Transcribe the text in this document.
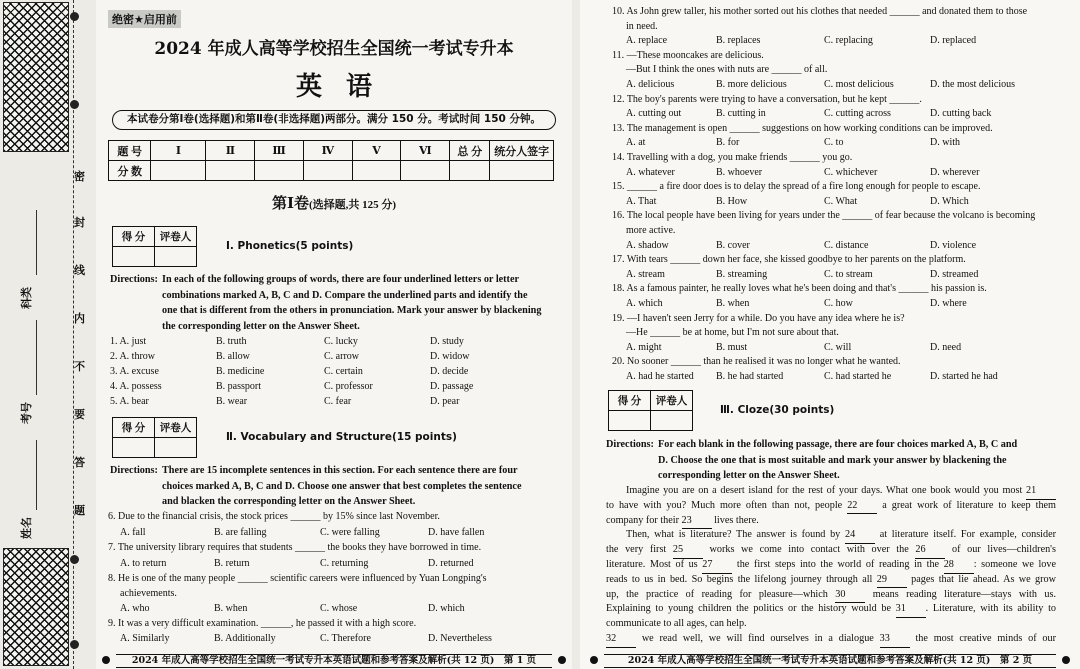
密
封
线
内
不
要
答
题
科类
考号
姓名
绝密★启用前
2024 年成人高等学校招生全国统一考试专升本
英语
本试卷分第Ⅰ卷(选择题)和第Ⅱ卷(非选择题)两部分。满分 150 分。考试时间 150 分钟。
题 号	Ⅰ	Ⅱ	Ⅲ	Ⅳ	Ⅴ	Ⅵ	总 分	统分人签字
分 数								
第Ⅰ卷(选择题,共 125 分)
得 分	评卷人

Ⅰ. Phonetics(5 points)
Directions: In each of the following groups of words, there are four underlined letters or letter
combinations marked A, B, C and D. Compare the underlined parts and identify the
one that is different from the others in pronunciation. Mark your answer by blackening
the corresponding letter on the Answer Sheet.
1. A. just	B. truth	C. lucky	D. study
2. A. throw	B. allow	C. arrow	D. widow
3. A. excuse	B. medicine	C. certain	D. decide
4. A. possess	B. passport	C. professor	D. passage
5. A. bear	B. wear	C. fear	D. pear
得 分	评卷人

Ⅱ. Vocabulary and Structure(15 points)
Directions: There are 15 incomplete sentences in this section. For each sentence there are four
choices marked A, B, C and D. Choose one answer that best completes the sentence
and blacken the corresponding letter on the Answer Sheet.
6. Due to the financial crisis, the stock prices ______ by 15% since last November.
A. fall	B. are falling	C. were falling	D. have fallen
7. The university library requires that students ______ the books they have borrowed in time.
A. to return	B. return	C. returning	D. returned
8. He is one of the many people ______ scientific careers were influenced by Yuan Longping's
achievements.
A. who	B. when	C. whose	D. which
9. It was a very difficult examination. ______, he passed it with a high score.
A. Similarly	B. Additionally	C. Therefore	D. Nevertheless
2024 年成人高等学校招生全国统一考试专升本英语试题和参考答案及解析(共 12 页)　第 1 页
10. As John grew taller, his mother sorted out his clothes that needed ______ and donated them to those
in need.
A. replace	B. replaces	C. replacing	D. replaced
11. —These mooncakes are delicious.
—But I think the ones with nuts are ______ of all.
A. delicious	B. more delicious	C. most delicious	D. the most delicious
12. The boy's parents were trying to have a conversation, but he kept ______.
A. cutting out	B. cutting in	C. cutting across	D. cutting back
13. The management is open ______ suggestions on how working conditions can be improved.
A. at	B. for	C. to	D. with
14. Travelling with a dog, you make friends ______ you go.
A. whatever	B. whoever	C. whichever	D. wherever
15. ______ a fire door does is to delay the spread of a fire long enough for people to escape.
A. That	B. How	C. What	D. Which
16. The local people have been living for years under the ______ of fear because the volcano is becoming
more active.
A. shadow	B. cover	C. distance	D. violence
17. With tears ______ down her face, she kissed goodbye to her parents on the platform.
A. stream	B. streaming	C. to stream	D. streamed
18. As a famous painter, he really loves what he's been doing and that's ______ his passion is.
A. which	B. when	C. how	D. where
19. —I haven't seen Jerry for a while. Do you have any idea where he is?
—He ______ be at home, but I'm not sure about that.
A. might	B. must	C. will	D. need
20. No sooner ______ than he realised it was no longer what he wanted.
A. had he started B. he had started	C. had started he	D. started he had
得 分	评卷人

Ⅲ. Cloze(30 points)
Directions: For each blank in the following passage, there are four choices marked A, B, C and
D. Choose the one that is most suitable and mark your answer by blackening the
corresponding letter on the Answer Sheet.
Imagine you are on a desert island for the rest of your days. What one book would you most 21
to have with you? Much more often than not, people 22 a great work of literature to keep them
company for their 23 lives there.
Then, what is literature? The answer is found by 24 at literature itself. For example, consider
the very first 25 works we come into contact with over the 26 of our lives—children's
literature. Most of us 27 the first steps into the world of reading in the 28 : someone we love
reads to us in bed. So begins the lifelong journey through all 29 pages that lie ahead. As we grow
up, the practice of reading for pleasure—which 30 means reading literature—stays with us.
Explaining to young children the politics or the history would be 31 . Literature, with its ability to
communicate to all ages, can help.
32 we read well, we will find ourselves in a dialogue 33 the most creative minds of our
2024 年成人高等学校招生全国统一考试专升本英语试题和参考答案及解析(共 12 页)　第 2 页
